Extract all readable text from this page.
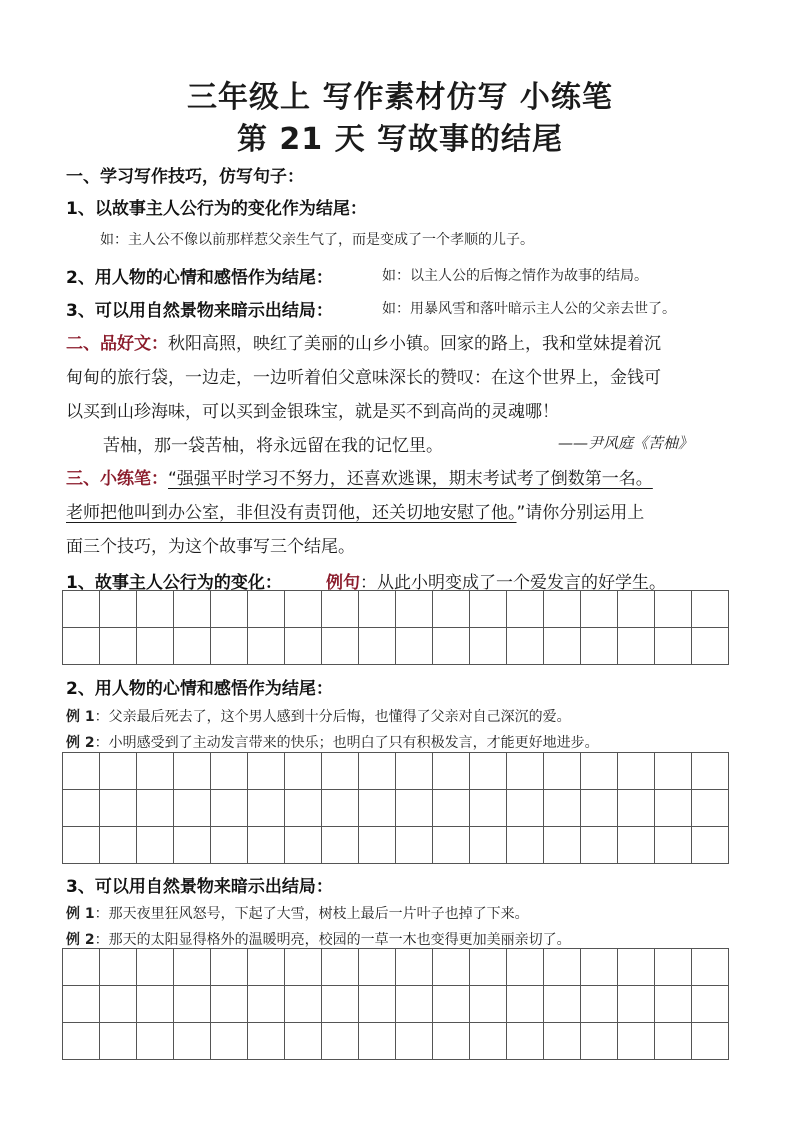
三年级上 写作素材仿写 小练笔
第 21 天 写故事的结尾
一、学习写作技巧，仿写句子：
1、以故事主人公行为的变化作为结尾：
如：主人公不像以前那样惹父亲生气了，而是变成了一个孝顺的儿子。
2、用人物的心情和感悟作为结尾：	如：以主人公的后悔之情作为故事的结局。
3、可以用自然景物来暗示出结局：	如：用暴风雪和落叶暗示主人公的父亲去世了。
二、品好文：秋阳高照，映红了美丽的山乡小镇。回家的路上，我和堂妹提着沉
甸甸的旅行袋，一边走，一边听着伯父意味深长的赞叹：在这个世界上，金钱可
以买到山珍海味，可以买到金银珠宝，就是买不到高尚的灵魂哪！
苦柚，那一袋苦柚，将永远留在我的记忆里。	——尹风庭《苦柚》
三、小练笔：“强强平时学习不努力，还喜欢逃课，期末考试考了倒数第一名。
老师把他叫到办公室，非但没有责罚他，还关切地安慰了他。”请你分别运用上
面三个技巧，为这个故事写三个结尾。
1、故事主人公行为的变化：	例句：从此小明变成了一个爱发言的好学生。
2、用人物的心情和感悟作为结尾：
例 1：父亲最后死去了，这个男人感到十分后悔，也懂得了父亲对自己深沉的爱。
例 2：小明感受到了主动发言带来的快乐；也明白了只有积极发言，才能更好地进步。
3、可以用自然景物来暗示出结局：
例 1：那天夜里狂风怒号，下起了大雪，树枝上最后一片叶子也掉了下来。
例 2：那天的太阳显得格外的温暖明亮，校园的一草一木也变得更加美丽亲切了。
